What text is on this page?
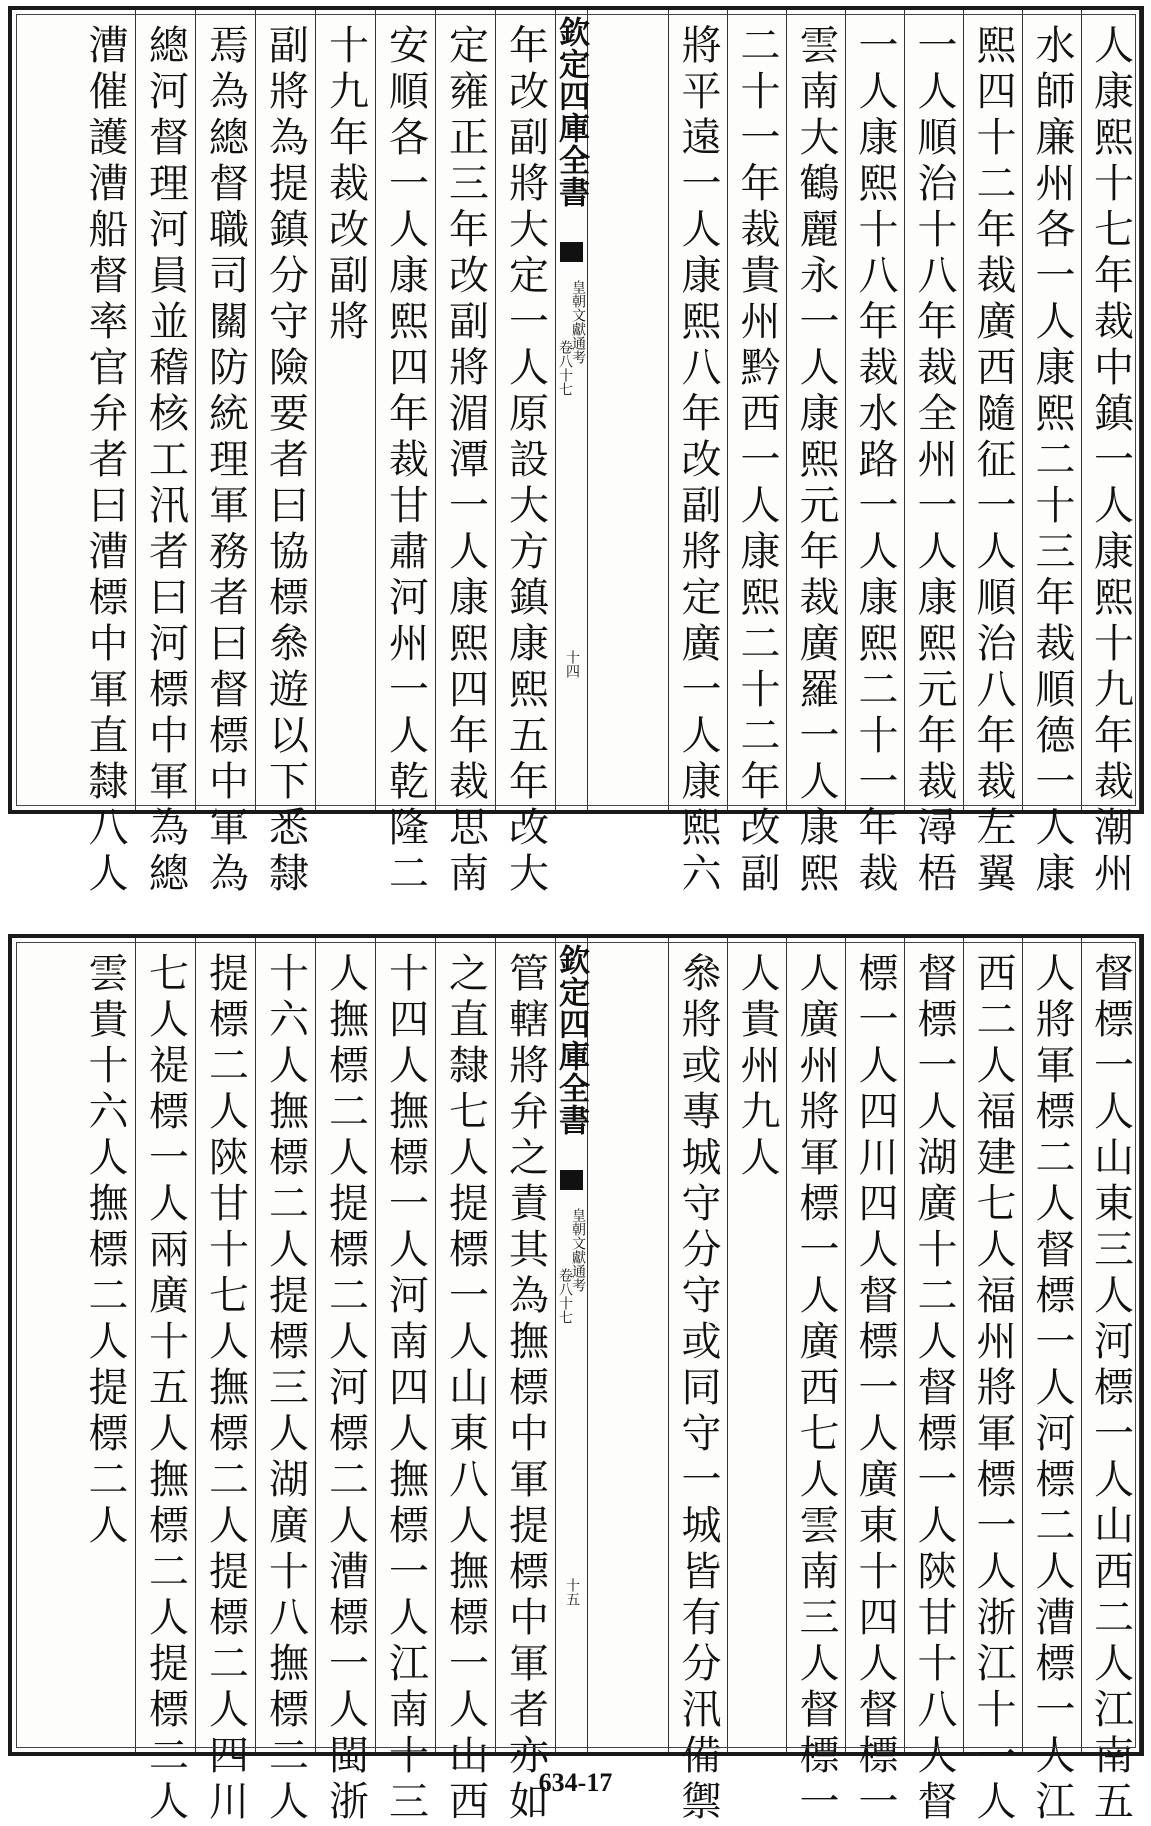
人康熙十七年裁中鎮一人康熙十九年裁潮州
水師廉州各一人康熙二十三年裁順德一人康
熙四十二年裁廣西隨征一人順治八年裁左翼
一人順治十八年裁全州一人康熙元年裁潯梧
一人康熙十八年裁水路一人康熙二十一年裁
雲南大鶴麗永一人康熙元年裁廣羅一人康熙
二十一年裁貴州黔西一人康熙二十二年改副
將平遠一人康熙八年改副將定廣一人康熙六
欽定四庫全書
皇朝文獻通考
卷八十七
十四
年改副將大定一人原設大方鎮康熙五年改大
定雍正三年改副將湄潭一人康熙四年裁思南
安順各一人康熙四年裁甘肅河州一人乾隆二
十九年裁改副將
副將為提鎮分守險要者曰協標叅遊以下悉隸
焉為總督職司關防統理軍務者曰督標中軍為
總河督理河員並稽核工汛者曰河標中軍為總
漕催護漕船督率官弁者曰漕標中軍直隸八人
督標一人山東三人河標一人山西二人江南五
人將軍標二人督標一人河標二人漕標一人江
西二人福建七人福州將軍標一人浙江十一人
督標一人湖廣十二人督標一人陝甘十八人督
標一人四川四人督標一人廣東十四人督標一
人廣州將軍標一人廣西七人雲南三人督標一
人貴州九人
叅將或專城守分守或同守一城皆有分汛備禦
欽定四庫全書
皇朝文獻通考
卷八十七
十五
管轄將弁之責其為撫標中軍提標中軍者亦如
之直隸七人提標一人山東八人撫標一人山西
十四人撫標一人河南四人撫標一人江南十三
人撫標二人提標二人河標二人漕標一人閩浙
十六人撫標二人提標三人湖廣十八撫標二人
提標二人陝甘十七人撫標二人提標二人四川
七人禔標一人兩廣十五人撫標二人提標二人
雲貴十六人撫標二人提標二人
634-17
